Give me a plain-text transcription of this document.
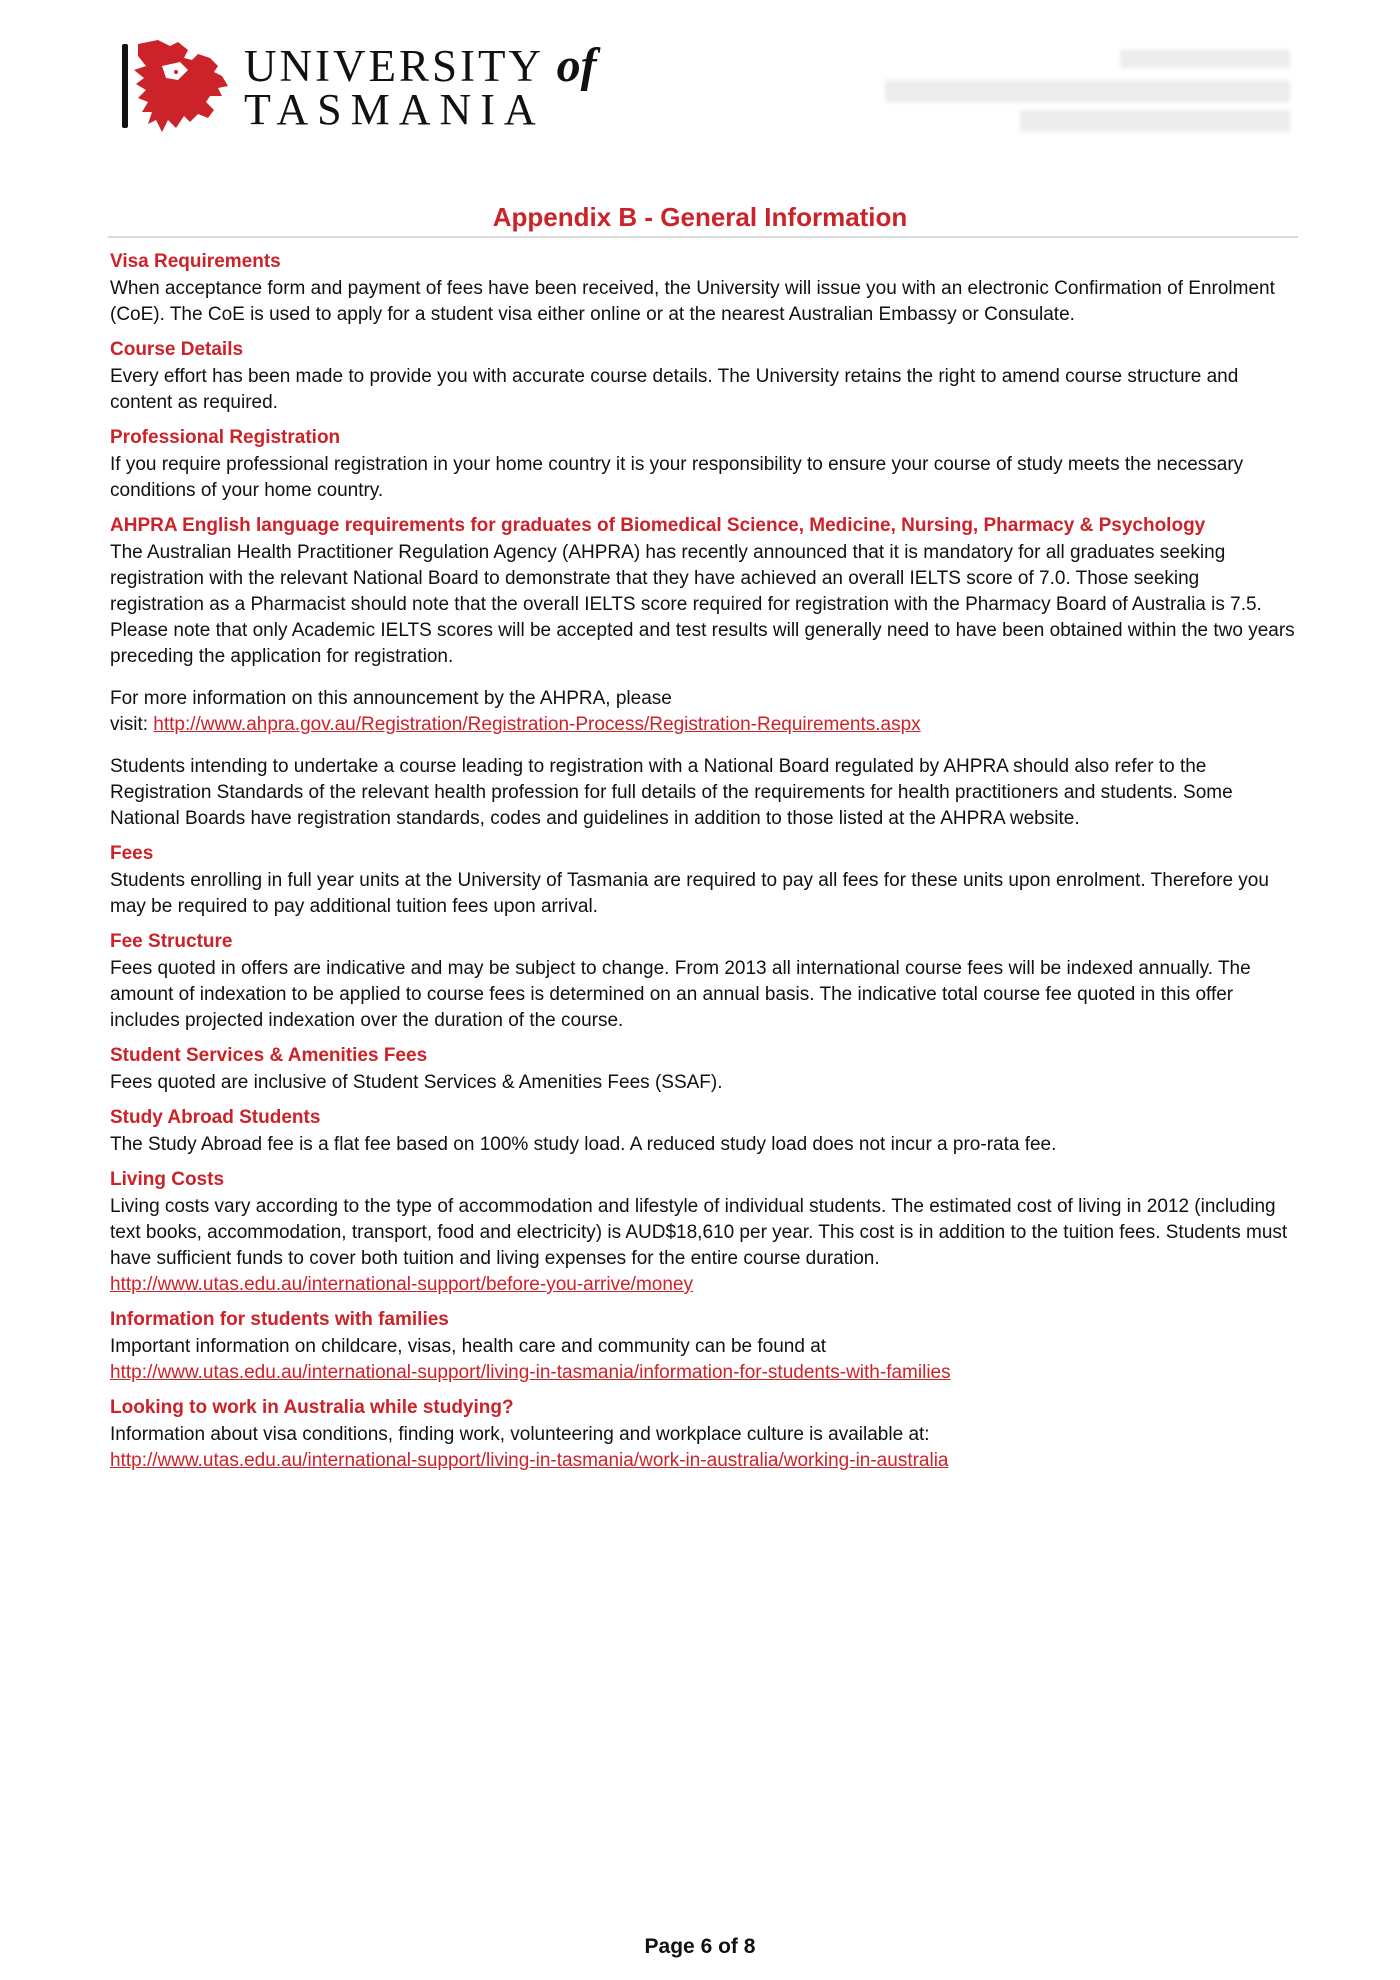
UNIVERSITY of
TASMANIA
Appendix B - General Information
Visa Requirements

When acceptance form and payment of fees have been received, the University will issue you with an electronic Confirmation of Enrolment (CoE). The CoE is used to apply for a student visa either online or at the nearest Australian Embassy or Consulate.

Course Details

Every effort has been made to provide you with accurate course details. The University retains the right to amend course structure and content as required.

Professional Registration

If you require professional registration in your home country it is your responsibility to ensure your course of study meets the necessary conditions of your home country.

AHPRA English language requirements for graduates of Biomedical Science, Medicine, Nursing, Pharmacy & Psychology

The Australian Health Practitioner Regulation Agency (AHPRA) has recently announced that it is mandatory for all graduates seeking registration with the relevant National Board to demonstrate that they have achieved an overall IELTS score of 7.0. Those seeking registration as a Pharmacist should note that the overall IELTS score required for registration with the Pharmacy Board of Australia is 7.5. Please note that only Academic IELTS scores will be accepted and test results will generally need to have been obtained within the two years preceding the application for registration.

For more information on this announcement by the AHPRA, please
visit: http://www.ahpra.gov.au/Registration/Registration-Process/Registration-Requirements.aspx

Students intending to undertake a course leading to registration with a National Board regulated by AHPRA should also refer to the Registration Standards of the relevant health profession for full details of the requirements for health practitioners and students. Some National Boards have registration standards, codes and guidelines in addition to those listed at the AHPRA website.

Fees

Students enrolling in full year units at the University of Tasmania are required to pay all fees for these units upon enrolment. Therefore you may be required to pay additional tuition fees upon arrival.

Fee Structure

Fees quoted in offers are indicative and may be subject to change. From 2013 all international course fees will be indexed annually. The amount of indexation to be applied to course fees is determined on an annual basis. The indicative total course fee quoted in this offer includes projected indexation over the duration of the course.

Student Services & Amenities Fees

Fees quoted are inclusive of Student Services & Amenities Fees (SSAF).

Study Abroad Students

The Study Abroad fee is a flat fee based on 100% study load. A reduced study load does not incur a pro-rata fee.

Living Costs

Living costs vary according to the type of accommodation and lifestyle of individual students. The estimated cost of living in 2012 (including text books, accommodation, transport, food and electricity) is AUD$18,610 per year. This cost is in addition to the tuition fees. Students must have sufficient funds to cover both tuition and living expenses for the entire course duration.
http://www.utas.edu.au/international-support/before-you-arrive/money

Information for students with families

Important information on childcare, visas, health care and community can be found at
http://www.utas.edu.au/international-support/living-in-tasmania/information-for-students-with-families

Looking to work in Australia while studying?

Information about visa conditions, finding work, volunteering and workplace culture is available at:
http://www.utas.edu.au/international-support/living-in-tasmania/work-in-australia/working-in-australia

Page 6 of 8
